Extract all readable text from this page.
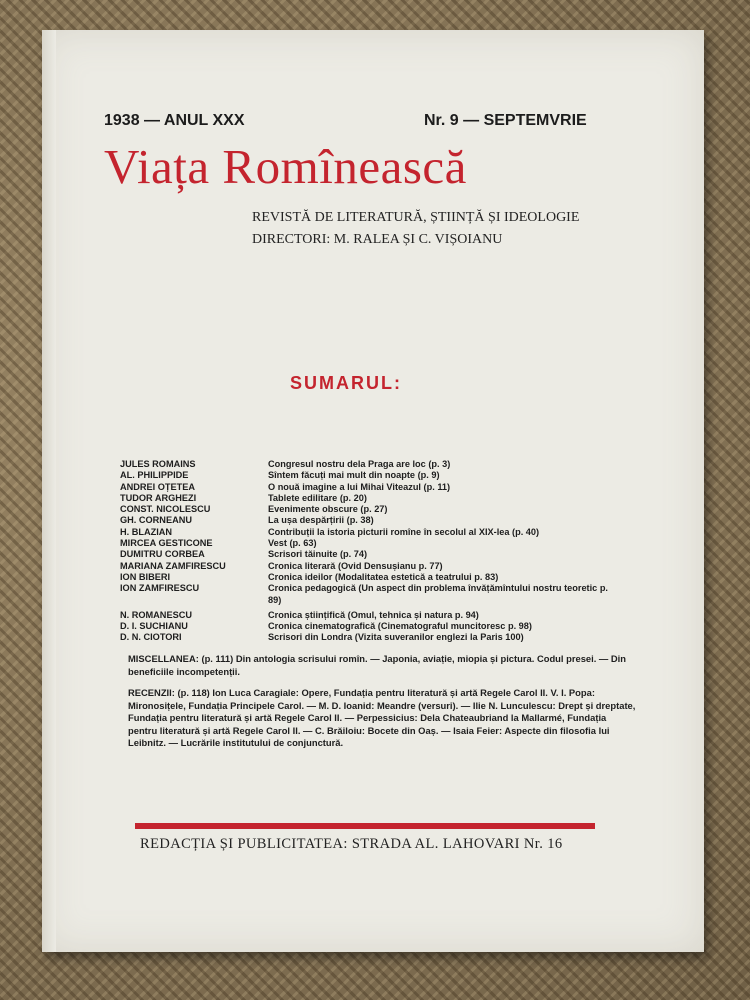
1938 — ANUL XXX	Nr. 9 — SEPTEMVRIE
Viața Romînească
REVISTĂ DE LITERATURĂ, ȘTIINȚĂ ȘI IDEOLOGIE
DIRECTORI: M. RALEA ȘI C. VIȘOIANU
SUMARUL:
JULES ROMAINS	Congresul nostru dela Praga are loc (p. 3)
AL. PHILIPPIDE	Sîntem făcuți mai mult din noapte (p. 9)
ANDREI OȚETEA	O nouă imagine a lui Mihai Viteazul (p. 11)
TUDOR ARGHEZI	Tablete edilitare (p. 20)
CONST. NICOLESCU	Evenimente obscure (p. 27)
GH. CORNEANU	La ușa despărțirii (p. 38)
H. BLAZIAN	Contribuții la istoria picturii romîne în secolul al XIX-lea (p. 40)
MIRCEA GESTICONE	Vest (p. 63)
DUMITRU CORBEA	Scrisori tăinuite (p. 74)
MARIANA ZAMFIRESCU	Cronica literară (Ovid Densușianu p. 77)
ION BIBERI	Cronica ideilor (Modalitatea estetică a teatrului p. 83)
ION ZAMFIRESCU	Cronica pedagogică (Un aspect din problema învățămîntului nostru teoretic p. 89)
N. ROMANESCU	Cronica științifică (Omul, tehnica și natura p. 94)
D. I. SUCHIANU	Cronica cinematografică (Cinematograful muncitoresc p. 98)
D. N. CIOTORI	Scrisori din Londra (Vizita suveranilor englezi la Paris 100)
MISCELLANEA: (p. 111) Din antologia scrisului romîn. — Japonia, aviație, miopia și pictura. Codul presei. — Din beneficiile incompetenții.
RECENZII: (p. 118) Ion Luca Caragiale: Opere, Fundația pentru literatură și artă Regele Carol II. V. I. Popa: Mironosițele, Fundația Principele Carol. — M. D. Ioanid: Meandre (versuri). — Ilie N. Lunculescu: Drept și dreptate, Fundația pentru literatură și artă Regele Carol II. — Perpessicius: Dela Chateaubriand la Mallarmé, Fundația pentru literatură și artă Regele Carol II. — C. Brăiloiu: Bocete din Oaș. — Isaia Feier: Aspecte din filosofia lui Leibnitz. — Lucrările institutului de conjunctură.
REDACȚIA ȘI PUBLICITATEA: STRADA AL. LAHOVARI Nr. 16
